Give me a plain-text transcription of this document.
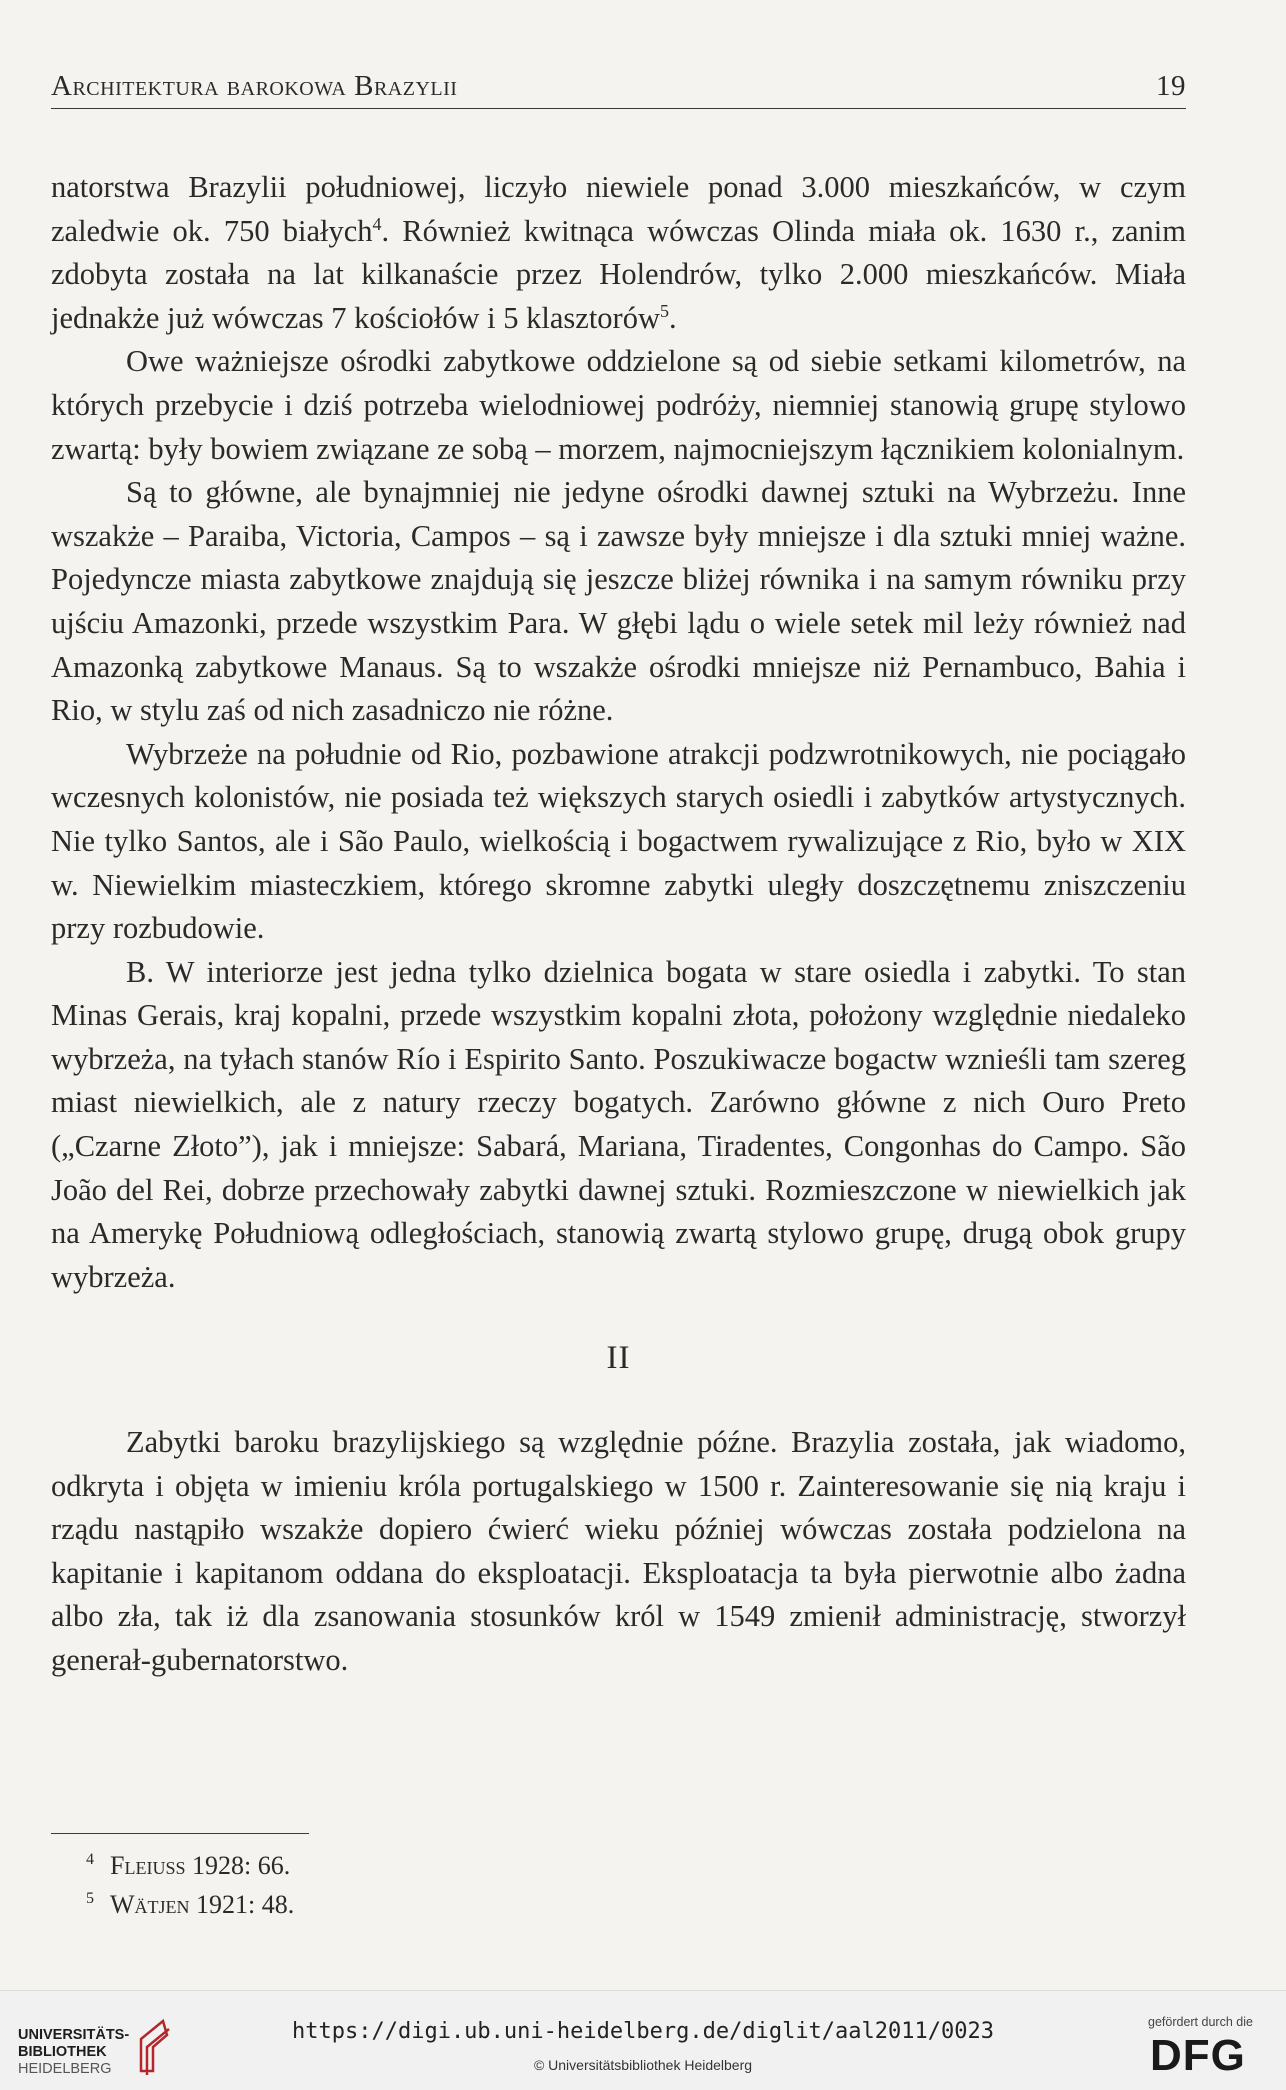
Architektura barokowa Brazylii	19

natorstwa Brazylii południowej, liczyło niewiele ponad 3.000 mieszkańców, w czym zaledwie ok. 750 białych$^4$. Również kwitnąca wówczas Olinda miała ok. 1630 r., zanim zdobyta została na lat kilkanaście przez Holendrów, tylko 2.000 mieszkańców. Miała jednakże już wówczas 7 kościołów i 5 klasztorów$^5$.

Owe ważniejsze ośrodki zabytkowe oddzielone są od siebie setkami kilometrów, na których przebycie i dziś potrzeba wielodniowej podróży, niemniej stanowią grupę stylowo zwartą: były bowiem związane ze sobą – morzem, najmocniejszym łącznikiem kolonialnym.

Są to główne, ale bynajmniej nie jedyne ośrodki dawnej sztuki na Wybrzeżu. Inne wszakże – Paraiba, Victoria, Campos – są i zawsze były mniejsze i dla sztuki mniej ważne. Pojedyncze miasta zabytkowe znajdują się jeszcze bliżej równika i na samym równiku przy ujściu Amazonki, przede wszystkim Para. W głębi lądu o wiele setek mil leży również nad Amazonką zabytkowe Manaus. Są to wszakże ośrodki mniejsze niż Pernambuco, Bahia i Rio, w stylu zaś od nich zasadniczo nie różne.

Wybrzeże na południe od Rio, pozbawione atrakcji podzwrotnikowych, nie pociągało wczesnych kolonistów, nie posiada też większych starych osiedli i zabytków artystycznych. Nie tylko Santos, ale i São Paulo, wielkością i bogactwem rywalizujące z Rio, było w XIX w. Niewielkim miasteczkiem, którego skromne zabytki uległy doszczętnemu zniszczeniu przy rozbudowie.

B. W interiorze jest jedna tylko dzielnica bogata w stare osiedla i zabytki. To stan Minas Gerais, kraj kopalni, przede wszystkim kopalni złota, położony względnie niedaleko wybrzeża, na tyłach stanów Río i Espirito Santo. Poszukiwacze bogactw wznieśli tam szereg miast niewielkich, ale z natury rzeczy bogatych. Zarówno główne z nich Ouro Preto („Czarne Złoto”), jak i mniejsze: Sabará, Mariana, Tiradentes, Congonhas do Campo. São João del Rei, dobrze przechowały zabytki dawnej sztuki. Rozmieszczone w niewielkich jak na Amerykę Południową odległościach, stanowią zwartą stylowo grupę, drugą obok grupy wybrzeża.

II

Zabytki baroku brazylijskiego są względnie późne. Brazylia została, jak wiadomo, odkryta i objęta w imieniu króla portugalskiego w 1500 r. Zainteresowanie się nią kraju i rządu nastąpiło wszakże dopiero ćwierć wieku później wówczas została podzielona na kapitanie i kapitanom oddana do eksploatacji. Eksploatacja ta była pierwotnie albo żadna albo zła, tak iż dla zsanowania stosunków król w 1549 zmienił administrację, stworzył generał-gubernatorstwo.

4 Fleiuss 1928: 66.
5 Wätjen 1921: 48.
UNIVERSITÄTS-
BIBLIOTHEK
HEIDELBERG
https://digi.ub.uni-heidelberg.de/diglit/aal2011/0023
© Universitätsbibliothek Heidelberg
gefördert durch die
DFG
